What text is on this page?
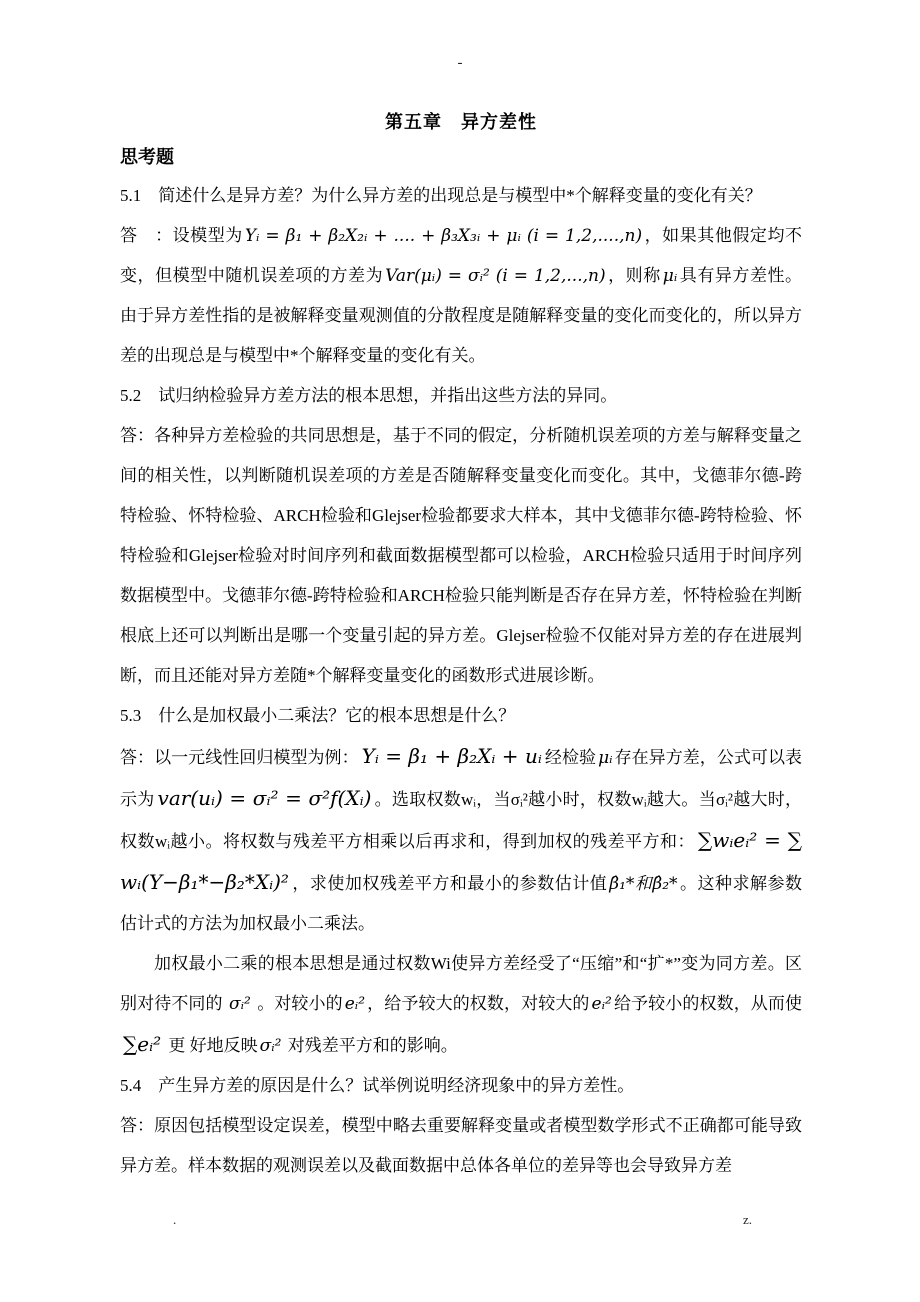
-
第五章　异方差性
思考题

5.1　简述什么是异方差？为什么异方差的出现总是与模型中*个解释变量的变化有关？

答　：设模型为 Yᵢ = β₁ + β₂X₂ᵢ + .... + β₃X₃ᵢ + μᵢ (i = 1,2,....,n) ，如果其他假定均不变，但模型中随机误差项的方差为 Var(μᵢ) = σᵢ² (i = 1,2,...,n) ，则称 μᵢ 具有异方差性。由于异方差性指的是被解释变量观测值的分散程度是随解释变量的变化而变化的，所以异方差的出现总是与模型中*个解释变量的变化有关。

5.2　试归纳检验异方差方法的根本思想，并指出这些方法的异同。

答：各种异方差检验的共同思想是，基于不同的假定，分析随机误差项的方差与解释变量之间的相关性，以判断随机误差项的方差是否随解释变量变化而变化。其中，戈德菲尔德-跨特检验、怀特检验、ARCH检验和Glejser检验都要求大样本，其中戈德菲尔德-跨特检验、怀特检验和Glejser检验对时间序列和截面数据模型都可以检验，ARCH检验只适用于时间序列数据模型中。戈德菲尔德-跨特检验和ARCH检验只能判断是否存在异方差，怀特检验在判断根底上还可以判断出是哪一个变量引起的异方差。Glejser检验不仅能对异方差的存在进展判断，而且还能对异方差随*个解释变量变化的函数形式进展诊断。

5.3　什么是加权最小二乘法？它的根本思想是什么？

答：以一元线性回归模型为例： Yᵢ = β₁ + β₂Xᵢ + uᵢ 经检验 μᵢ 存在异方差，公式可以表示为 var(uᵢ) = σᵢ² = σ²f(Xᵢ) 。选取权数wᵢ，当σᵢ²越小时，权数wᵢ越大。当σᵢ²越大时，权数wᵢ越小。将权数与残差平方相乘以后再求和，得到加权的残差平方和： ∑wᵢeᵢ² = ∑wᵢ(Y−β₁*−β₂*Xᵢ)² ，求使加权残差平方和最小的参数估计值 β̂₁*和β̂₂* 。这种求解参数估计式的方法为加权最小二乘法。

加权最小二乘的根本思想是通过权数Wi使异方差经受了“压缩”和“扩*”变为同方差。区别对待不同的 σᵢ² 。对较小的 eᵢ² ，给予较大的权数，对较大的 eᵢ² 给予较小的权数，从而使∑eᵢ² 更 好地反映 σᵢ² 对残差平方和的影响。

5.4　产生异方差的原因是什么？试举例说明经济现象中的异方差性。

答：原因包括模型设定误差，模型中略去重要解释变量或者模型数学形式不正确都可能导致异方差。样本数据的观测误差以及截面数据中总体各单位的差异等也会导致异方差

.	z.
